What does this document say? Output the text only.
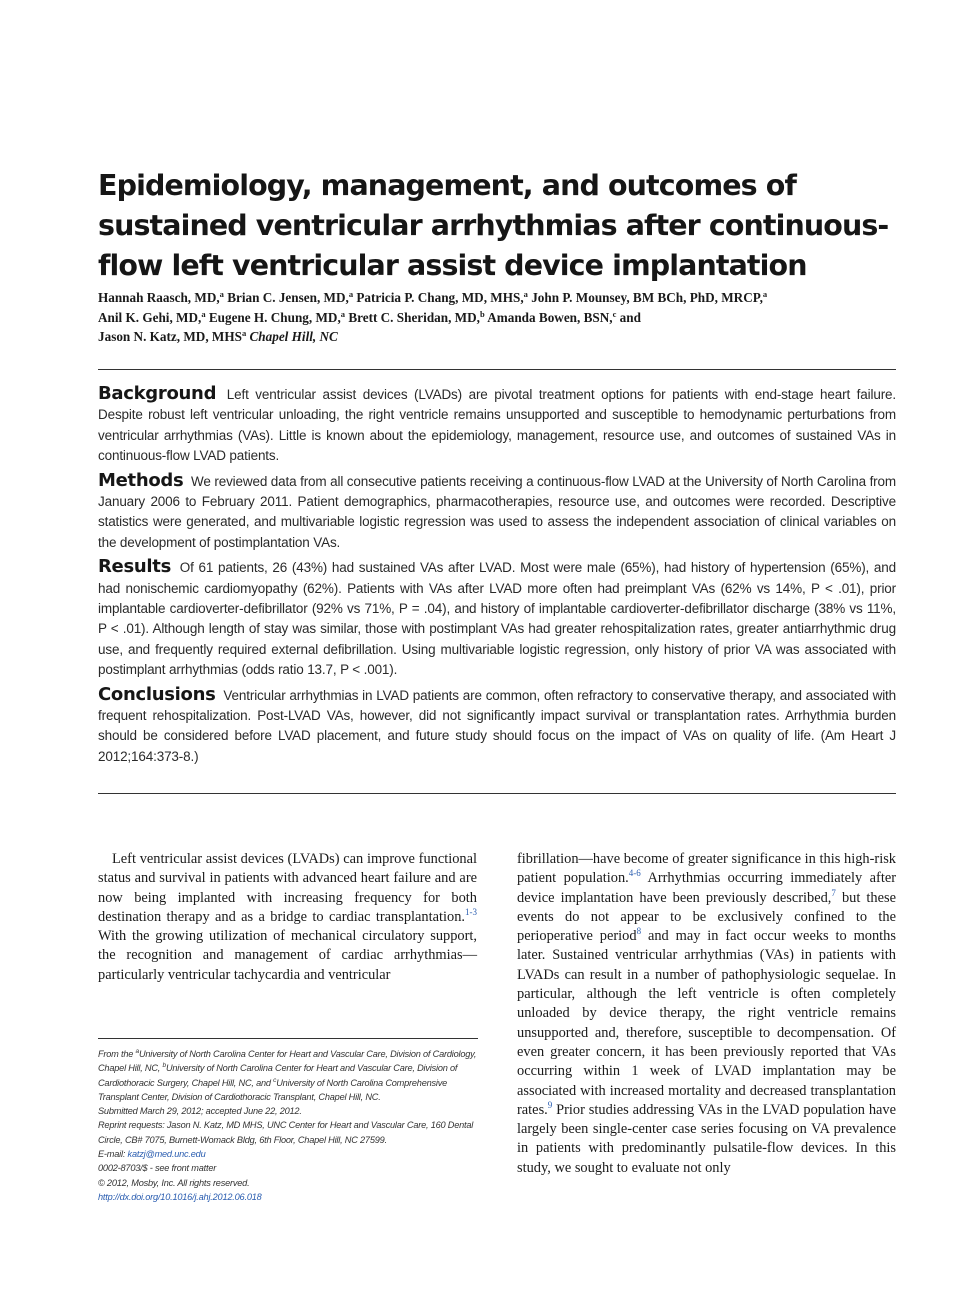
Epidemiology, management, and outcomes of sustained ventricular arrhythmias after continuous-flow left ventricular assist device implantation
Hannah Raasch, MD,$^a$ Brian C. Jensen, MD,$^a$ Patricia P. Chang, MD, MHS,$^a$ John P. Mounsey, BM BCh, PhD, MRCP,$^a$
Anil K. Gehi, MD,$^a$ Eugene H. Chung, MD,$^a$ Brett C. Sheridan, MD,$^b$ Amanda Bowen, BSN,$^c$ and
Jason N. Katz, MD, MHS$^a$ Chapel Hill, NC

Background Left ventricular assist devices (LVADs) are pivotal treatment options for patients with end-stage heart failure. Despite robust left ventricular unloading, the right ventricle remains unsupported and susceptible to hemodynamic perturbations from ventricular arrhythmias (VAs). Little is known about the epidemiology, management, resource use, and outcomes of sustained VAs in continuous-flow LVAD patients.

Methods We reviewed data from all consecutive patients receiving a continuous-flow LVAD at the University of North Carolina from January 2006 to February 2011. Patient demographics, pharmacotherapies, resource use, and outcomes were recorded. Descriptive statistics were generated, and multivariable logistic regression was used to assess the independent association of clinical variables on the development of postimplantation VAs.

Results Of 61 patients, 26 (43%) had sustained VAs after LVAD. Most were male (65%), had history of hypertension (65%), and had nonischemic cardiomyopathy (62%). Patients with VAs after LVAD more often had preimplant VAs (62% vs 14%, P < .01), prior implantable cardioverter-defibrillator (92% vs 71%, P = .04), and history of implantable cardioverter-defibrillator discharge (38% vs 11%, P < .01). Although length of stay was similar, those with postimplant VAs had greater rehospitalization rates, greater antiarrhythmic drug use, and frequently required external defibrillation. Using multivariable logistic regression, only history of prior VA was associated with postimplant arrhythmias (odds ratio 13.7, P < .001).

Conclusions Ventricular arrhythmias in LVAD patients are common, often refractory to conservative therapy, and associated with frequent rehospitalization. Post-LVAD VAs, however, did not significantly impact survival or transplantation rates. Arrhythmia burden should be considered before LVAD placement, and future study should focus on the impact of VAs on quality of life. (Am Heart J 2012;164:373-8.)

Left ventricular assist devices (LVADs) can improve functional status and survival in patients with advanced heart failure and are now being implanted with increasing frequency for both destination therapy and as a bridge to cardiac transplantation.$^{1-3}$ With the growing utilization of mechanical circulatory support, the recognition and management of cardiac arrhythmias—particularly ventricular tachycardia and ventricular

From the $^a$University of North Carolina Center for Heart and Vascular Care, Division of Cardiology, Chapel Hill, NC, $^b$University of North Carolina Center for Heart and Vascular Care, Division of Cardiothoracic Surgery, Chapel Hill, NC, and $^c$University of North Carolina Comprehensive Transplant Center, Division of Cardiothoracic Transplant, Chapel Hill, NC.
Submitted March 29, 2012; accepted June 22, 2012.
Reprint requests: Jason N. Katz, MD MHS, UNC Center for Heart and Vascular Care, 160 Dental Circle, CB# 7075, Burnett-Womack Bldg, 6th Floor, Chapel Hill, NC 27599.
E-mail: katzj@med.unc.edu
0002-8703/$ - see front matter
© 2012, Mosby, Inc. All rights reserved.
http://dx.doi.org/10.1016/j.ahj.2012.06.018

fibrillation—have become of greater significance in this high-risk patient population.$^{4-6}$ Arrhythmias occurring immediately after device implantation have been previously described,$^7$ but these events do not appear to be exclusively confined to the perioperative period$^8$ and may in fact occur weeks to months later. Sustained ventricular arrhythmias (VAs) in patients with LVADs can result in a number of pathophysiologic sequelae. In particular, although the left ventricle is often completely unloaded by device therapy, the right ventricle remains unsupported and, therefore, susceptible to decompensation. Of even greater concern, it has been previously reported that VAs occurring within 1 week of LVAD implantation may be associated with increased mortality and decreased transplantation rates.$^9$ Prior studies addressing VAs in the LVAD population have largely been single-center case series focusing on VA prevalence in patients with predominantly pulsatile-flow devices. In this study, we sought to evaluate not only
